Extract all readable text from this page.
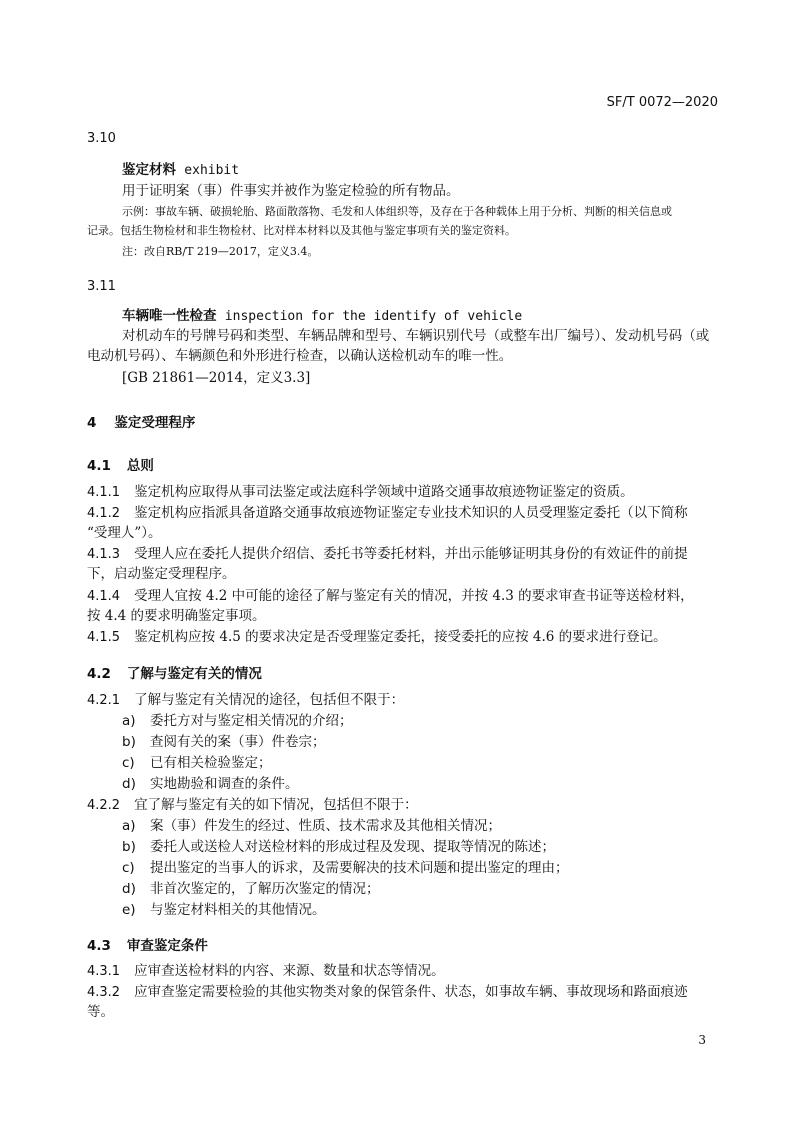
SF/T 0072—2020
3.10
鉴定材料 exhibit
用于证明案（事）件事实并被作为鉴定检验的所有物品。
示例：事故车辆、破损轮胎、路面散落物、毛发和人体组织等，及存在于各种载体上用于分析、判断的相关信息或
记录。包括生物检材和非生物检材、比对样本材料以及其他与鉴定事项有关的鉴定资料。
注：改自RB/T 219—2017，定义3.4。
3.11
车辆唯一性检查 inspection for the identify of vehicle
对机动车的号牌号码和类型、车辆品牌和型号、车辆识别代号（或整车出厂编号）、发动机号码（或
电动机号码）、车辆颜色和外形进行检查，以确认送检机动车的唯一性。
[GB 21861—2014，定义3.3]
4 鉴定受理程序
4.1 总则
4.1.1 鉴定机构应取得从事司法鉴定或法庭科学领域中道路交通事故痕迹物证鉴定的资质。
4.1.2 鉴定机构应指派具备道路交通事故痕迹物证鉴定专业技术知识的人员受理鉴定委托（以下简称
“受理人”）。
4.1.3 受理人应在委托人提供介绍信、委托书等委托材料，并出示能够证明其身份的有效证件的前提
下，启动鉴定受理程序。
4.1.4 受理人宜按 4.2 中可能的途径了解与鉴定有关的情况，并按 4.3 的要求审查书证等送检材料，
按 4.4 的要求明确鉴定事项。
4.1.5 鉴定机构应按 4.5 的要求决定是否受理鉴定委托，接受委托的应按 4.6 的要求进行登记。
4.2 了解与鉴定有关的情况
4.2.1 了解与鉴定有关情况的途径，包括但不限于：
a) 委托方对与鉴定相关情况的介绍；
b) 查阅有关的案（事）件卷宗；
c) 已有相关检验鉴定；
d) 实地勘验和调查的条件。
4.2.2 宜了解与鉴定有关的如下情况，包括但不限于：
a) 案（事）件发生的经过、性质、技术需求及其他相关情况；
b) 委托人或送检人对送检材料的形成过程及发现、提取等情况的陈述；
c) 提出鉴定的当事人的诉求，及需要解决的技术问题和提出鉴定的理由；
d) 非首次鉴定的，了解历次鉴定的情况；
e) 与鉴定材料相关的其他情况。
4.3 审查鉴定条件
4.3.1 应审查送检材料的内容、来源、数量和状态等情况。
4.3.2 应审查鉴定需要检验的其他实物类对象的保管条件、状态，如事故车辆、事故现场和路面痕迹
等。
3
